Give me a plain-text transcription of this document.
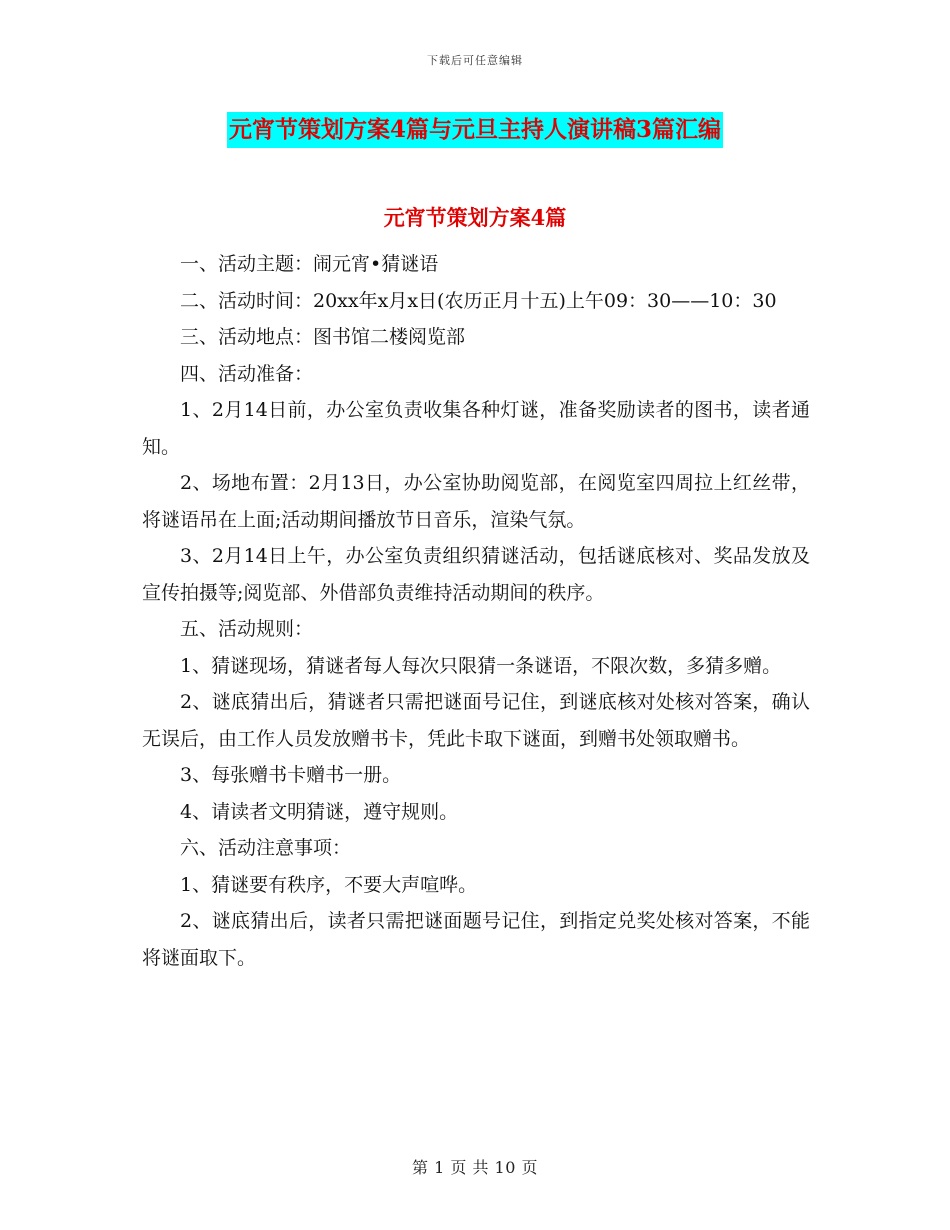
下载后可任意编辑
元宵节策划方案4篇与元旦主持人演讲稿3篇汇编
元宵节策划方案4篇

一、活动主题：闹元宵•猜谜语

二、活动时间：20xx年x月x日(农历正月十五)上午09：30——10：30

三、活动地点：图书馆二楼阅览部

四、活动准备：

1、2月14日前，办公室负责收集各种灯谜，准备奖励读者的图书，读者通知。

2、场地布置：2月13日，办公室协助阅览部，在阅览室四周拉上红丝带，将谜语吊在上面;活动期间播放节日音乐，渲染气氛。

3、2月14日上午，办公室负责组织猜谜活动，包括谜底核对、奖品发放及宣传拍摄等;阅览部、外借部负责维持活动期间的秩序。

五、活动规则：

1、猜谜现场，猜谜者每人每次只限猜一条谜语，不限次数，多猜多赠。

2、谜底猜出后，猜谜者只需把谜面号记住，到谜底核对处核对答案，确认无误后，由工作人员发放赠书卡，凭此卡取下谜面，到赠书处领取赠书。

3、每张赠书卡赠书一册。

4、请读者文明猜谜，遵守规则。

六、活动注意事项：

1、猜谜要有秩序，不要大声喧哗。

2、谜底猜出后，读者只需把谜面题号记住，到指定兑奖处核对答案，不能将谜面取下。

第 1 页 共 10 页
